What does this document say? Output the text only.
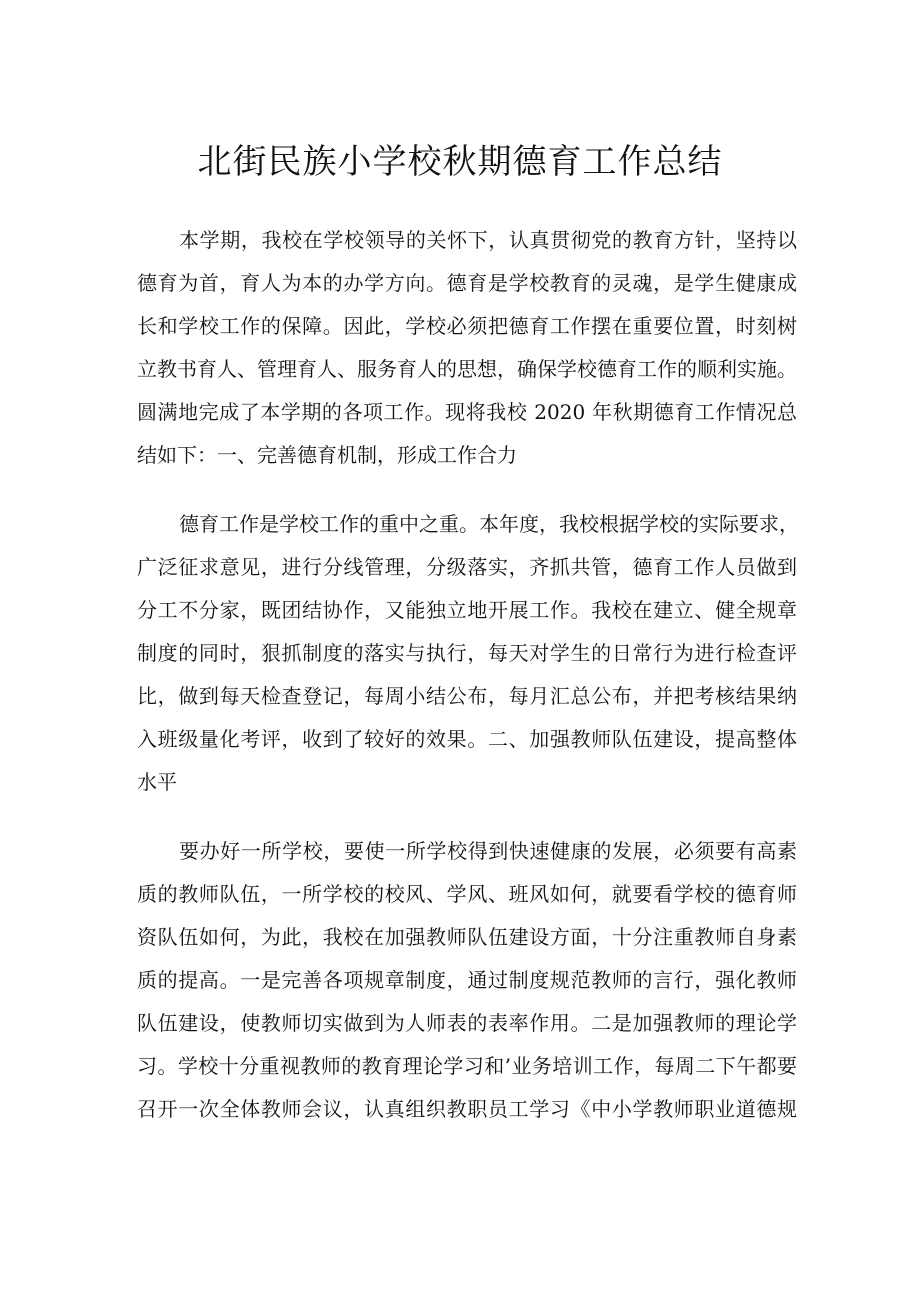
北街民族小学校秋期德育工作总结

本学期，我校在学校领导的关怀下，认真贯彻党的教育方针，坚持以

德育为首，育人为本的办学方向。德育是学校教育的灵魂，是学生健康成

长和学校工作的保障。因此，学校必须把德育工作摆在重要位置，时刻树

立教书育人、管理育人、服务育人的思想，确保学校德育工作的顺利实施。

圆满地完成了本学期的各项工作。现将我校 2020 年秋期德育工作情况总

结如下：一、完善德育机制，形成工作合力

德育工作是学校工作的重中之重。本年度，我校根据学校的实际要求，

广泛征求意见，进行分线管理，分级落实，齐抓共管，德育工作人员做到

分工不分家，既团结协作，又能独立地开展工作。我校在建立、健全规章

制度的同时，狠抓制度的落实与执行，每天对学生的日常行为进行检查评

比，做到每天检查登记，每周小结公布，每月汇总公布，并把考核结果纳

入班级量化考评，收到了较好的效果。二、加强教师队伍建设，提高整体

水平

要办好一所学校，要使一所学校得到快速健康的发展，必须要有高素

质的教师队伍，一所学校的校风、学风、班风如何，就要看学校的德育师

资队伍如何，为此，我校在加强教师队伍建设方面，十分注重教师自身素

质的提高。一是完善各项规章制度，通过制度规范教师的言行，强化教师

队伍建设，使教师切实做到为人师表的表率作用。二是加强教师的理论学

习。学校十分重视教师的教育理论学习和’业务培训工作，每周二下午都要

召开一次全体教师会议，认真组织教职员工学习《中小学教师职业道德规
